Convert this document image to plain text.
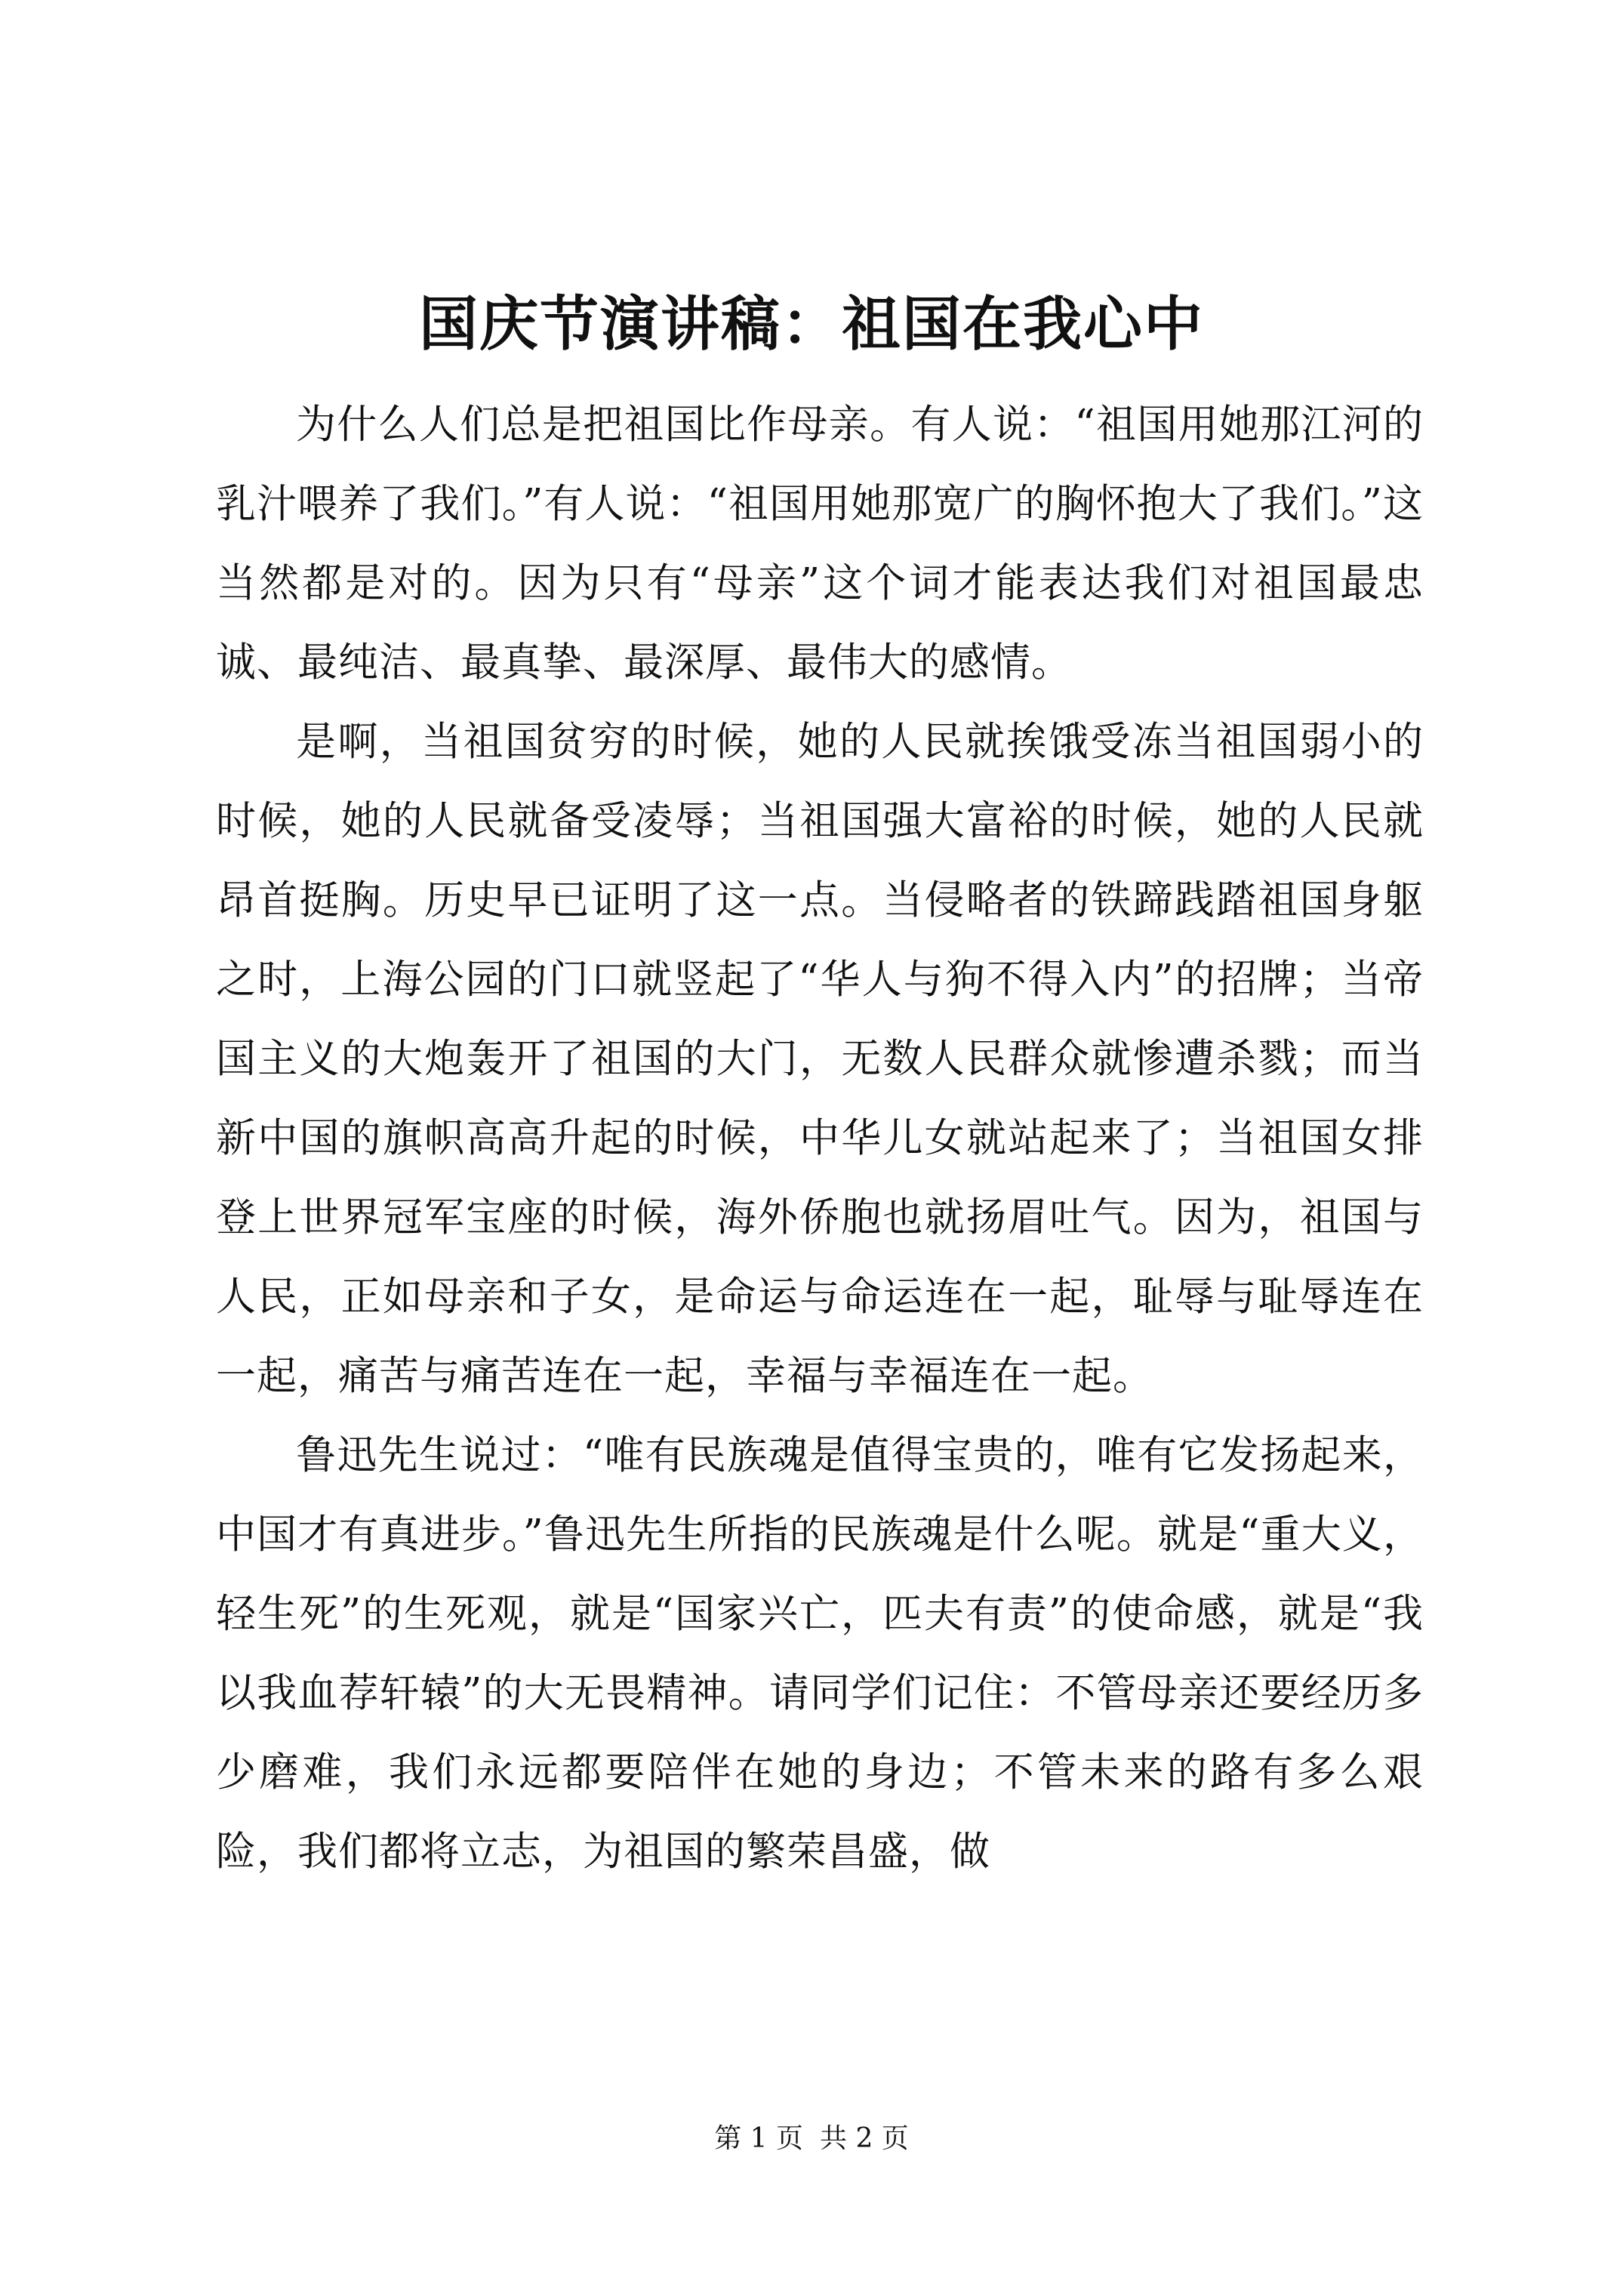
国庆节演讲稿：祖国在我心中

为什么人们总是把祖国比作母亲。有人说：“祖国用她那江河的乳汁喂养了我们。”有人说：“祖国用她那宽广的胸怀抱大了我们。”这当然都是对的。因为只有“母亲”这个词才能表达我们对祖国最忠诚、最纯洁、最真挚、最深厚、最伟大的感情。

是啊，当祖国贫穷的时候，她的人民就挨饿受冻当祖国弱小的时候，她的人民就备受凌辱；当祖国强大富裕的时候，她的人民就昂首挺胸。历史早已证明了这一点。当侵略者的铁蹄践踏祖国身躯之时，上海公园的门口就竖起了“华人与狗不得入内”的招牌；当帝国主义的大炮轰开了祖国的大门，无数人民群众就惨遭杀戮；而当新中国的旗帜高高升起的时候，中华儿女就站起来了；当祖国女排登上世界冠军宝座的时候，海外侨胞也就扬眉吐气。因为，祖国与人民，正如母亲和子女，是命运与命运连在一起，耻辱与耻辱连在一起，痛苦与痛苦连在一起，幸福与幸福连在一起。

鲁迅先生说过：“唯有民族魂是值得宝贵的，唯有它发扬起来，中国才有真进步。”鲁迅先生所指的民族魂是什么呢。就是“重大义，轻生死”的生死观，就是“国家兴亡，匹夫有责”的使命感，就是“我以我血荐轩辕”的大无畏精神。请同学们记住：不管母亲还要经历多少磨难，我们永远都要陪伴在她的身边；不管未来的路有多么艰险，我们都将立志，为祖国的繁荣昌盛，做

第 1 页 共 2 页
